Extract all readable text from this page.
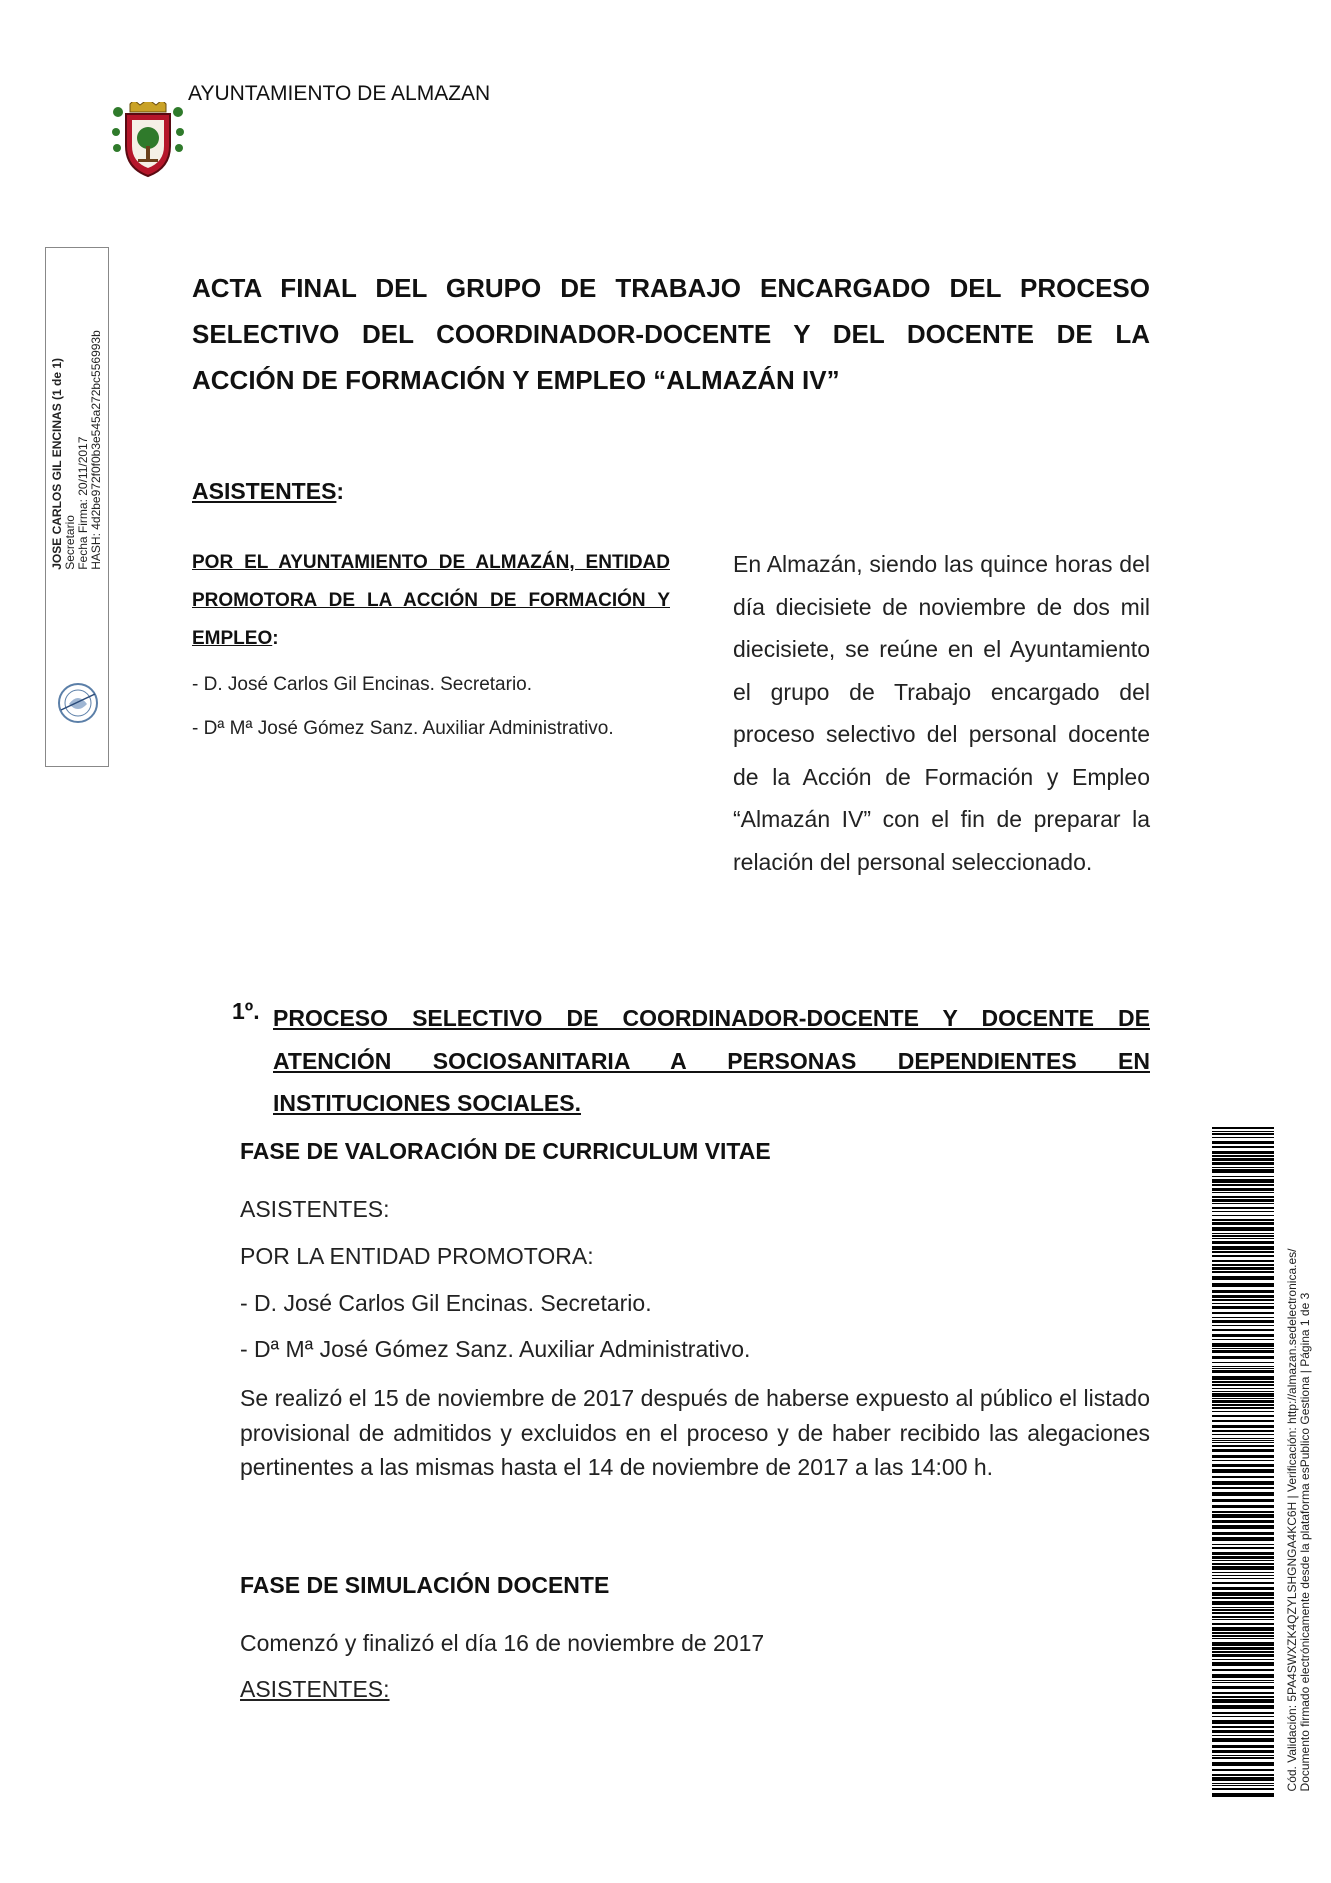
AYUNTAMIENTO DE ALMAZAN
JOSE CARLOS GIL ENCINAS (1 de 1) Secretario Fecha Firma: 20/11/2017 HASH: 4d2be972f0f0b3e545a272bc556993b
ACTA FINAL DEL GRUPO DE TRABAJO ENCARGADO DEL PROCESO SELECTIVO DEL COORDINADOR-DOCENTE Y DEL DOCENTE DE LA ACCIÓN DE FORMACIÓN Y EMPLEO “ALMAZÁN IV”
ASISTENTES:
POR EL AYUNTAMIENTO DE ALMAZÁN, ENTIDAD PROMOTORA DE LA ACCIÓN DE FORMACIÓN Y EMPLEO:
- D. José Carlos Gil Encinas. Secretario.
- Dª Mª José Gómez Sanz. Auxiliar Administrativo.
En Almazán, siendo las quince horas del día diecisiete de noviembre de dos mil diecisiete, se reúne en el Ayuntamiento el grupo de Trabajo encargado del proceso selectivo del personal docente de la Acción de Formación y Empleo “Almazán IV” con el fin de preparar la relación del personal seleccionado.
1º. PROCESO SELECTIVO DE COORDINADOR-DOCENTE Y DOCENTE DE ATENCIÓN SOCIOSANITARIA A PERSONAS DEPENDIENTES EN INSTITUCIONES SOCIALES.
FASE DE VALORACIÓN DE CURRICULUM VITAE
ASISTENTES:
POR LA ENTIDAD PROMOTORA:
- D. José Carlos Gil Encinas. Secretario.
- Dª Mª José Gómez Sanz. Auxiliar Administrativo.
Se realizó el 15 de noviembre de 2017 después de haberse expuesto al público el listado provisional de admitidos y excluidos en el proceso y de haber recibido las alegaciones pertinentes a las mismas hasta el 14 de noviembre de 2017 a las 14:00 h.
FASE DE SIMULACIÓN DOCENTE
Comenzó y finalizó el día 16 de noviembre de 2017
ASISTENTES:	Cód. Validación: 5PA4SWXZK4QZYLSHGNGA4KC6H | Verificación: http://almazan.sedelectronica.es/ Documento firmado electrónicamente desde la plataforma esPublico Gestiona | Página 1 de 3
